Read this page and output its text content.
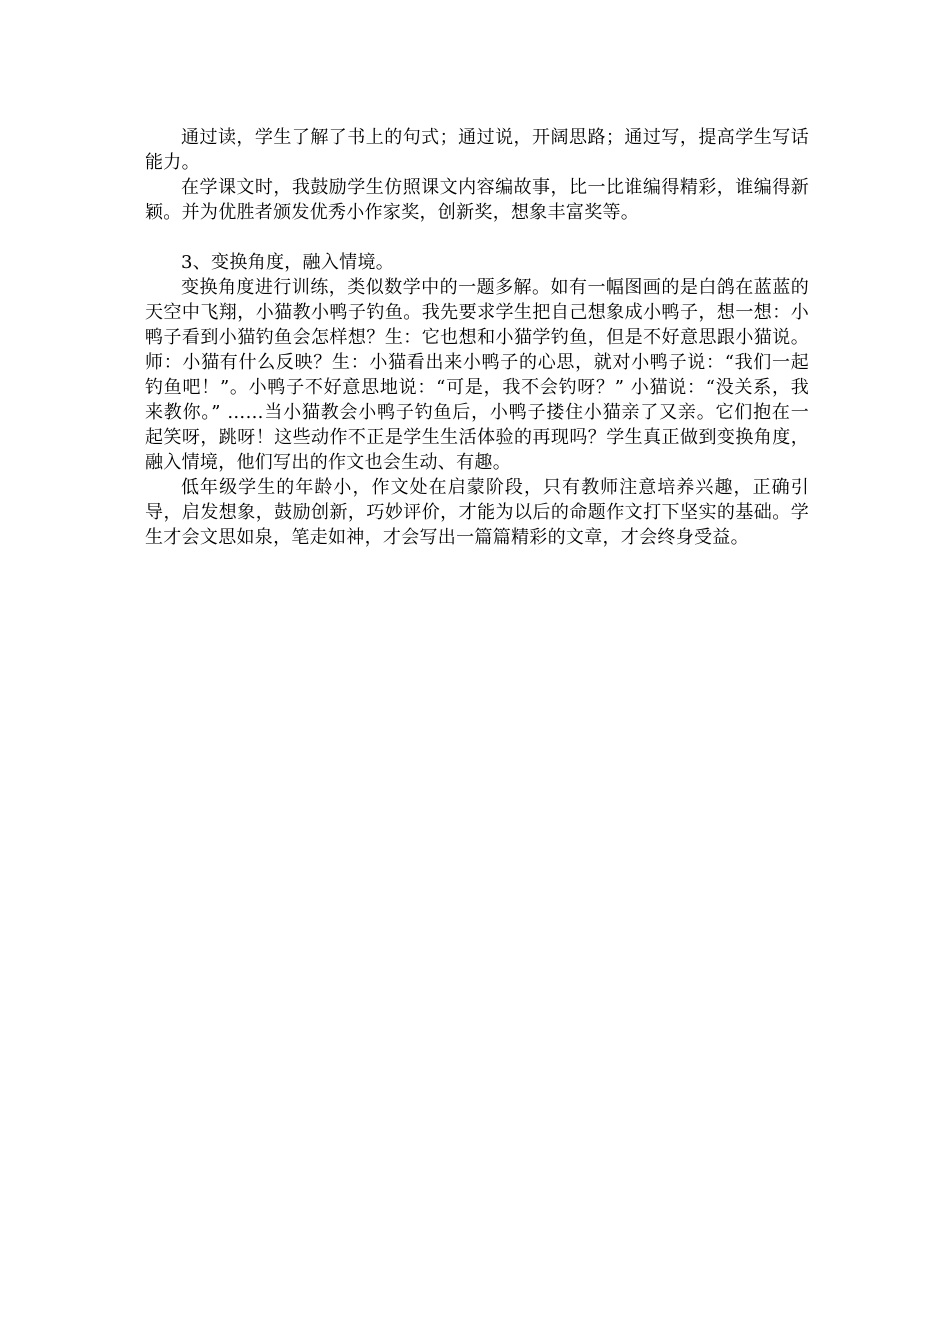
通过读，学生了解了书上的句式；通过说，开阔思路；通过写，提高学生写话能力。

在学课文时，我鼓励学生仿照课文内容编故事，比一比谁编得精彩，谁编得新颖。并为优胜者颁发优秀小作家奖，创新奖，想象丰富奖等。

3、变换角度，融入情境。

变换角度进行训练，类似数学中的一题多解。如有一幅图画的是白鸽在蓝蓝的天空中飞翔，小猫教小鸭子钓鱼。我先要求学生把自己想象成小鸭子，想一想：小鸭子看到小猫钓鱼会怎样想？生：它也想和小猫学钓鱼，但是不好意思跟小猫说。师：小猫有什么反映？生：小猫看出来小鸭子的心思，就对小鸭子说：“我们一起钓鱼吧！”。小鸭子不好意思地说：“可是，我不会钓呀？” 小猫说：“没关系，我来教你。” ……当小猫教会小鸭子钓鱼后，小鸭子搂住小猫亲了又亲。它们抱在一起笑呀，跳呀！这些动作不正是学生生活体验的再现吗？学生真正做到变换角度，融入情境，他们写出的作文也会生动、有趣。

低年级学生的年龄小，作文处在启蒙阶段，只有教师注意培养兴趣，正确引导，启发想象，鼓励创新，巧妙评价，才能为以后的命题作文打下坚实的基础。学生才会文思如泉，笔走如神，才会写出一篇篇精彩的文章，才会终身受益。
